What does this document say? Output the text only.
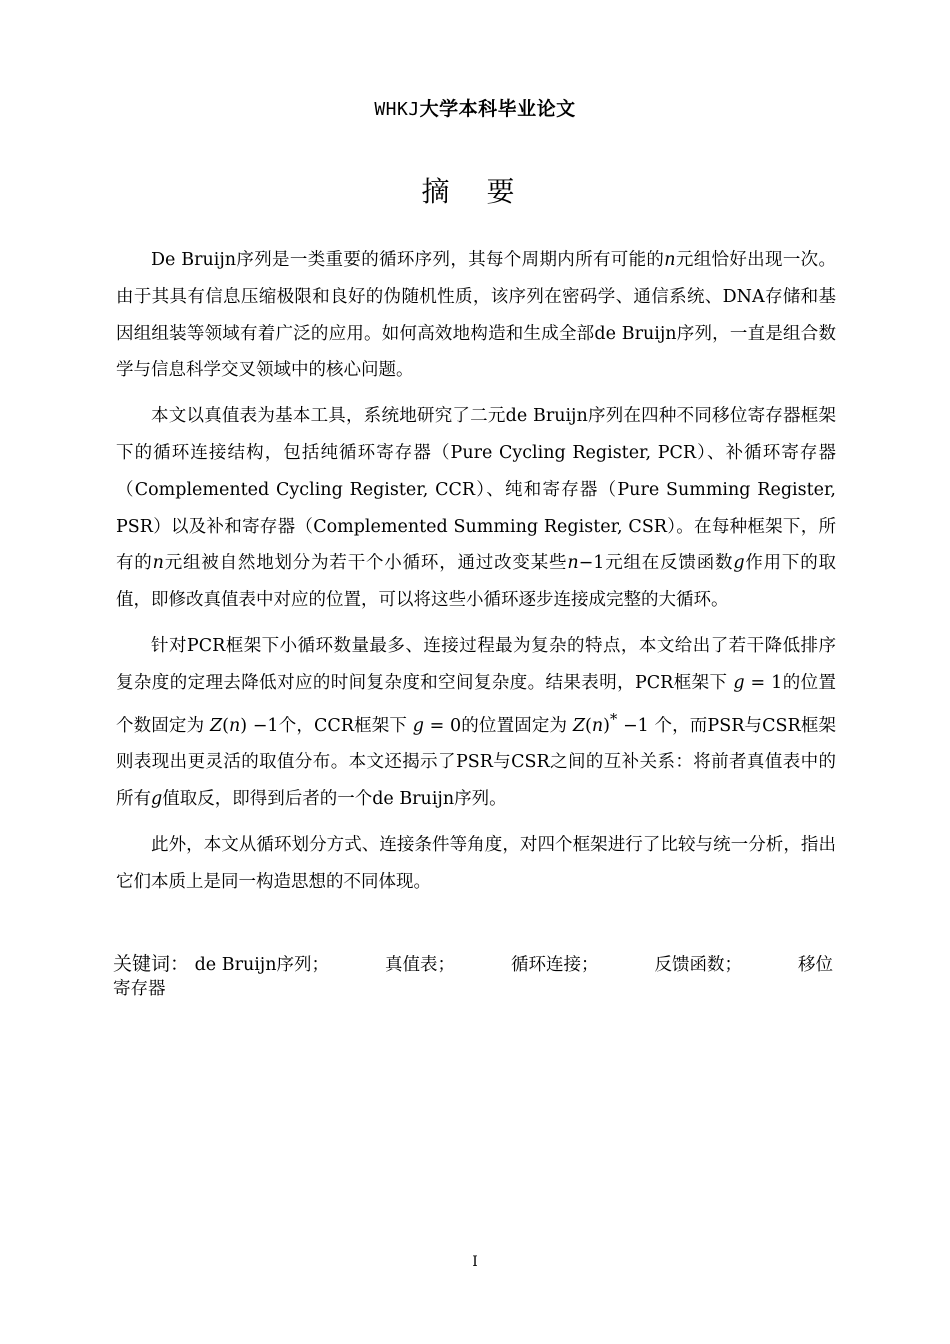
WHKJ大学本科毕业论文
摘 要

De Bruijn序列是一类重要的循环序列，其每个周期内所有可能的n元组恰好出现一次。由于其具有信息压缩极限和良好的伪随机性质，该序列在密码学、通信系统、DNA存储和基因组组装等领域有着广泛的应用。如何高效地构造和生成全部de Bruijn序列，一直是组合数学与信息科学交叉领域中的核心问题。

本文以真值表为基本工具，系统地研究了二元de Bruijn序列在四种不同移位寄存器框架下的循环连接结构，包括纯循环寄存器（Pure Cycling Register, PCR）、补循环寄存器（Complemented Cycling Register, CCR）、纯和寄存器（Pure Summing Register, PSR）以及补和寄存器（Complemented Summing Register, CSR）。在每种框架下，所有的n元组被自然地划分为若干个小循环，通过改变某些n−1元组在反馈函数g作用下的取值，即修改真值表中对应的位置，可以将这些小循环逐步连接成完整的大循环。

针对PCR框架下小循环数量最多、连接过程最为复杂的特点，本文给出了若干降低排序复杂度的定理去降低对应的时间复杂度和空间复杂度。结果表明，PCR框架下 g = 1的位置个数固定为 Z(n) −1个，CCR框架下 g = 0的位置固定为 Z(n)* −1 个，而PSR与CSR框架则表现出更灵活的取值分布。本文还揭示了PSR与CSR之间的互补关系：将前者真值表中的所有g值取反，即得到后者的一个de Bruijn序列。

此外，本文从循环划分方式、连接条件等角度，对四个框架进行了比较与统一分析，指出它们本质上是同一构造思想的不同体现。

关键词： de Bruijn序列；	真值表；	循环连接；	反馈函数；	移位寄存器
I
